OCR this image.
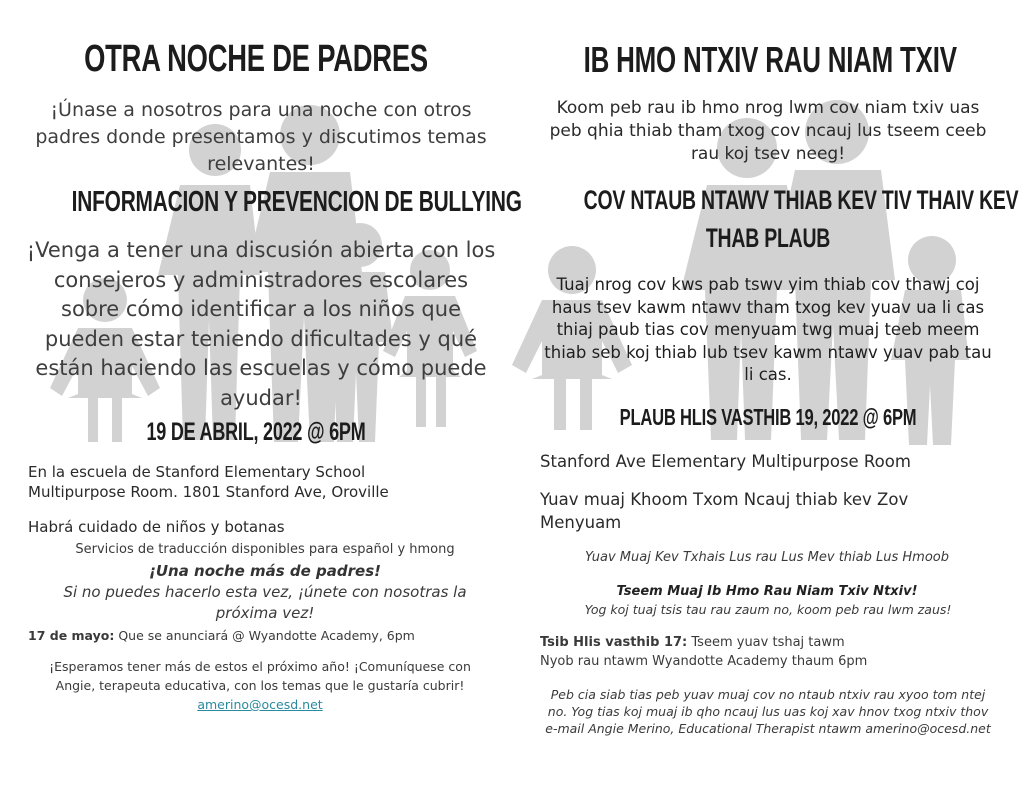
OTRA NOCHE DE PADRES

¡Únase a nosotros para una noche con otros padres donde presentamos y discutimos temas relevantes!

INFORMACION Y PREVENCION DE BULLYING

¡Venga a tener una discusión abierta con los consejeros y administradores escolares sobre cómo identificar a los niños que pueden estar teniendo dificultades y qué están haciendo las escuelas y cómo puede ayudar!

19 DE ABRIL, 2022 @ 6PM
En la escuela de Stanford Elementary School
Multipurpose Room. 1801 Stanford Ave, Oroville
Habrá cuidado de niños y botanas
Servicios de traducción disponibles para español y hmong
¡Una noche más de padres!
Si no puedes hacerlo esta vez, ¡únete con nosotras la próxima vez!
17 de mayo: Que se anunciará @ Wyandotte Academy, 6pm
¡Esperamos tener más de estos el próximo año! ¡Comuníquese con Angie, terapeuta educativa, con los temas que le gustaría cubrir!
amerino@ocesd.net
IB HMO NTXIV RAU NIAM TXIV

Koom peb rau ib hmo nrog lwm cov niam txiv uas peb qhia thiab tham txog cov ncauj lus tseem ceeb rau koj tsev neeg!

COV NTAUB NTAWV THIAB KEV TIV THAIV KEV
THAB PLAUB

Tuaj nrog cov kws pab tswv yim thiab cov thawj coj haus tsev kawm ntawv tham txog kev yuav ua li cas thiaj paub tias cov menyuam twg muaj teeb meem thiab seb koj thiab lub tsev kawm ntawv yuav pab tau li cas.

PLAUB HLIS VASTHIB 19, 2022 @ 6PM
Stanford Ave Elementary Multipurpose Room
Yuav muaj Khoom Txom Ncauj thiab kev Zov Menyuam
Yuav Muaj Kev Txhais Lus rau Lus Mev thiab Lus Hmoob
Tseem Muaj Ib Hmo Rau Niam Txiv Ntxiv!
Yog koj tuaj tsis tau rau zaum no, koom peb rau lwm zaus!
Tsib Hlis vasthib 17: Tseem yuav tshaj tawm
Nyob rau ntawm Wyandotte Academy thaum 6pm
Peb cia siab tias peb yuav muaj cov no ntaub ntxiv rau xyoo tom ntej no. Yog tias koj muaj ib qho ncauj lus uas koj xav hnov txog ntxiv thov e-mail Angie Merino, Educational Therapist ntawm amerino@ocesd.net
